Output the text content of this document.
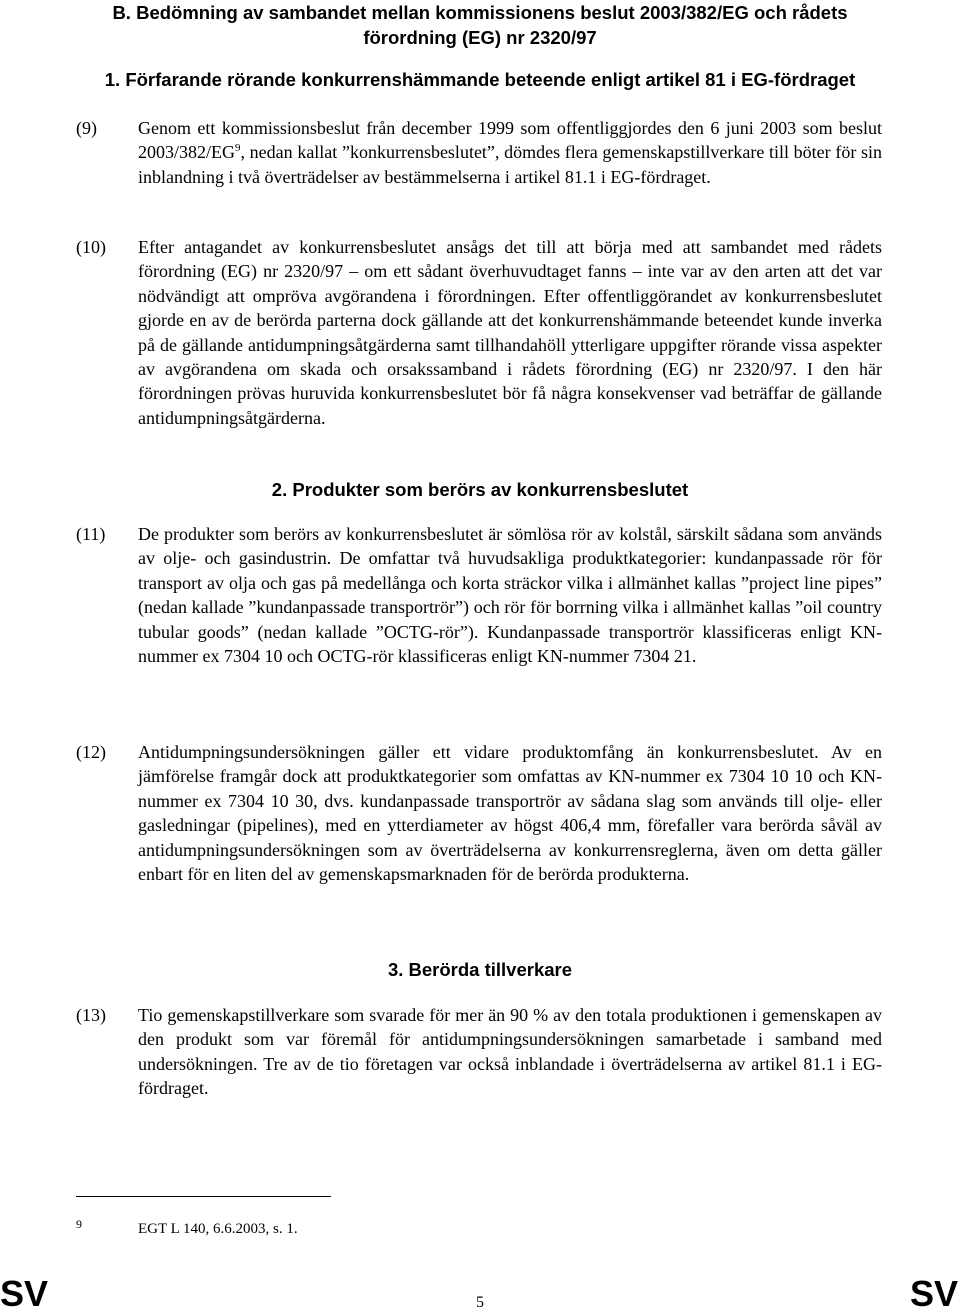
B. Bedömning av sambandet mellan kommissionens beslut 2003/382/EG och rådets
förordning (EG) nr 2320/97
1. Förfarande rörande konkurrenshämmande beteende enligt artikel 81 i EG-fördraget
(9) Genom ett kommissionsbeslut från december 1999 som offentliggjordes den 6 juni 2003 som beslut $2003/382/EG^9$, nedan kallat ”konkurrensbeslutet”, dömdes flera gemenskapstillverkare till böter för sin inblandning i två överträdelser av bestämmelserna i artikel 81.1 i EG-fördraget.
(10) Efter antagandet av konkurrensbeslutet ansågs det till att börja med att sambandet med rådets förordning (EG) nr 2320/97 – om ett sådant överhuvudtaget fanns – inte var av den arten att det var nödvändigt att ompröva avgörandena i förordningen. Efter offentliggörandet av konkurrensbeslutet gjorde en av de berörda parterna dock gällande att det konkurrenshämmande beteendet kunde inverka på de gällande antidumpningsåtgärderna samt tillhandahöll ytterligare uppgifter rörande vissa aspekter av avgörandena om skada och orsakssamband i rådets förordning (EG) nr 2320/97. I den här förordningen prövas huruvida konkurrensbeslutet bör få några konsekvenser vad beträffar de gällande antidumpningsåtgärderna.
2. Produkter som berörs av konkurrensbeslutet
(11) De produkter som berörs av konkurrensbeslutet är sömlösa rör av kolstål, särskilt sådana som används av olje- och gasindustrin. De omfattar två huvudsakliga produktkategorier: kundanpassade rör för transport av olja och gas på medellånga och korta sträckor vilka i allmänhet kallas ”project line pipes” (nedan kallade ”kundanpassade transportrör”) och rör för borrning vilka i allmänhet kallas ”oil country tubular goods” (nedan kallade ”OCTG-rör”). Kundanpassade transportrör klassificeras enligt KN-nummer ex 7304 10 och OCTG-rör klassificeras enligt KN-nummer 7304 21.
(12) Antidumpningsundersökningen gäller ett vidare produktomfång än konkurrensbeslutet. Av en jämförelse framgår dock att produktkategorier som omfattas av KN-nummer ex 7304 10 10 och KN-nummer ex 7304 10 30, dvs. kundanpassade transportrör av sådana slag som används till olje- eller gasledningar (pipelines), med en ytterdiameter av högst 406,4 mm, förefaller vara berörda såväl av antidumpningsundersökningen som av överträdelserna av konkurrensreglerna, även om detta gäller enbart för en liten del av gemenskapsmarknaden för de berörda produkterna.
3. Berörda tillverkare
(13) Tio gemenskapstillverkare som svarade för mer än 90 % av den totala produktionen i gemenskapen av den produkt som var föremål för antidumpningsundersökningen samarbetade i samband med undersökningen. Tre av de tio företagen var också inblandade i överträdelserna av artikel 81.1 i EG-fördraget.
9	EGT L 140, 6.6.2003, s. 1.
SV	5	SV
